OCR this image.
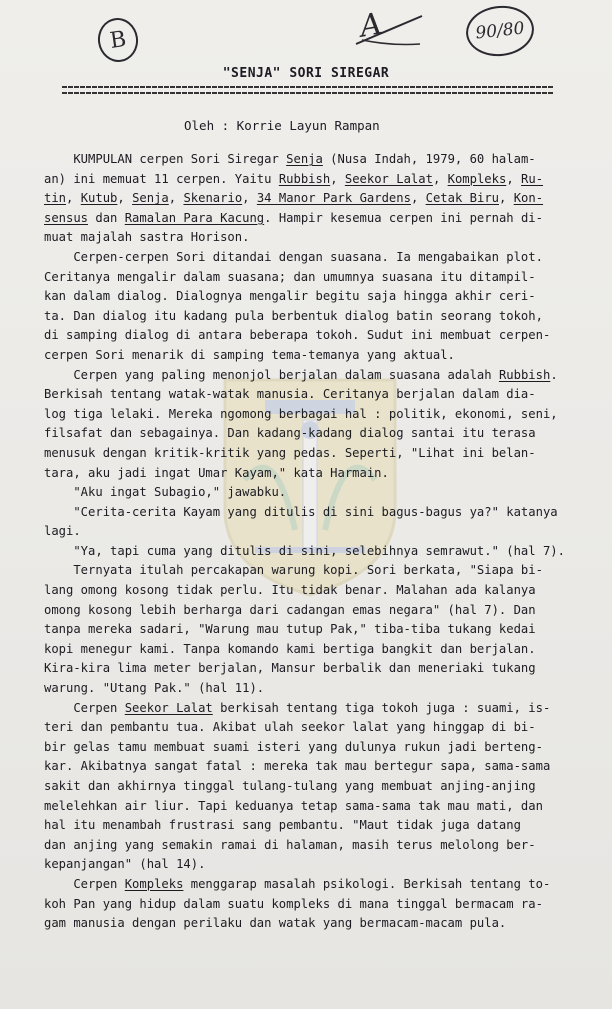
B	A	90/80
"SENJA" SORI SIREGAR
Oleh : Korrie Layun Rampan
KUMPULAN cerpen Sori Siregar Senja (Nusa Indah, 1979, 60 halam-
an) ini memuat 11 cerpen. Yaitu Rubbish, Seekor Lalat, Kompleks, Ru-
tin, Kutub, Senja, Skenario, 34 Manor Park Gardens, Cetak Biru, Kon-
sensus dan Ramalan Para Kacung. Hampir kesemua cerpen ini pernah di-
muat majalah sastra Horison.
Cerpen-cerpen Sori ditandai dengan suasana. Ia mengabaikan plot.
Ceritanya mengalir dalam suasana; dan umumnya suasana itu ditampil-
kan dalam dialog. Dialognya mengalir begitu saja hingga akhir ceri-
ta. Dan dialog itu kadang pula berbentuk dialog batin seorang tokoh,
di samping dialog di antara beberapa tokoh. Sudut ini membuat cerpen-
cerpen Sori menarik di samping tema-temanya yang aktual.
Cerpen yang paling menonjol berjalan dalam suasana adalah Rubbish.
Berkisah tentang watak-watak manusia. Ceritanya berjalan dalam dia-
log tiga lelaki. Mereka ngomong berbagai hal : politik, ekonomi, seni,
filsafat dan sebagainya. Dan kadang-kadang dialog santai itu terasa
menusuk dengan kritik-kritik yang pedas. Seperti, "Lihat ini belan-
tara, aku jadi ingat Umar Kayam," kata Harmain.
"Aku ingat Subagio," jawabku.
"Cerita-cerita Kayam yang ditulis di sini bagus-bagus ya?" katanya
lagi.
"Ya, tapi cuma yang ditulis di sini, selebihnya semrawut." (hal 7).
Ternyata itulah percakapan warung kopi. Sori berkata, "Siapa bi-
lang omong kosong tidak perlu. Itu tidak benar. Malahan ada kalanya
omong kosong lebih berharga dari cadangan emas negara" (hal 7). Dan
tanpa mereka sadari, "Warung mau tutup Pak," tiba-tiba tukang kedai
kopi menegur kami. Tanpa komando kami bertiga bangkit dan berjalan.
Kira-kira lima meter berjalan, Mansur berbalik dan meneriaki tukang
warung. "Utang Pak." (hal 11).
Cerpen Seekor Lalat berkisah tentang tiga tokoh juga : suami, is-
teri dan pembantu tua. Akibat ulah seekor lalat yang hinggap di bi-
bir gelas tamu membuat suami isteri yang dulunya rukun jadi berteng-
kar. Akibatnya sangat fatal : mereka tak mau bertegur sapa, sama-sama
sakit dan akhirnya tinggal tulang-tulang yang membuat anjing-anjing
melelehkan air liur. Tapi keduanya tetap sama-sama tak mau mati, dan
hal itu menambah frustrasi sang pembantu. "Maut tidak juga datang
dan anjing yang semakin ramai di halaman, masih terus melolong ber-
kepanjangan" (hal 14).
Cerpen Kompleks menggarap masalah psikologi. Berkisah tentang to-
koh Pan yang hidup dalam suatu kompleks di mana tinggal bermacam ra-
gam manusia dengan perilaku dan watak yang bermacam-macam pula.
